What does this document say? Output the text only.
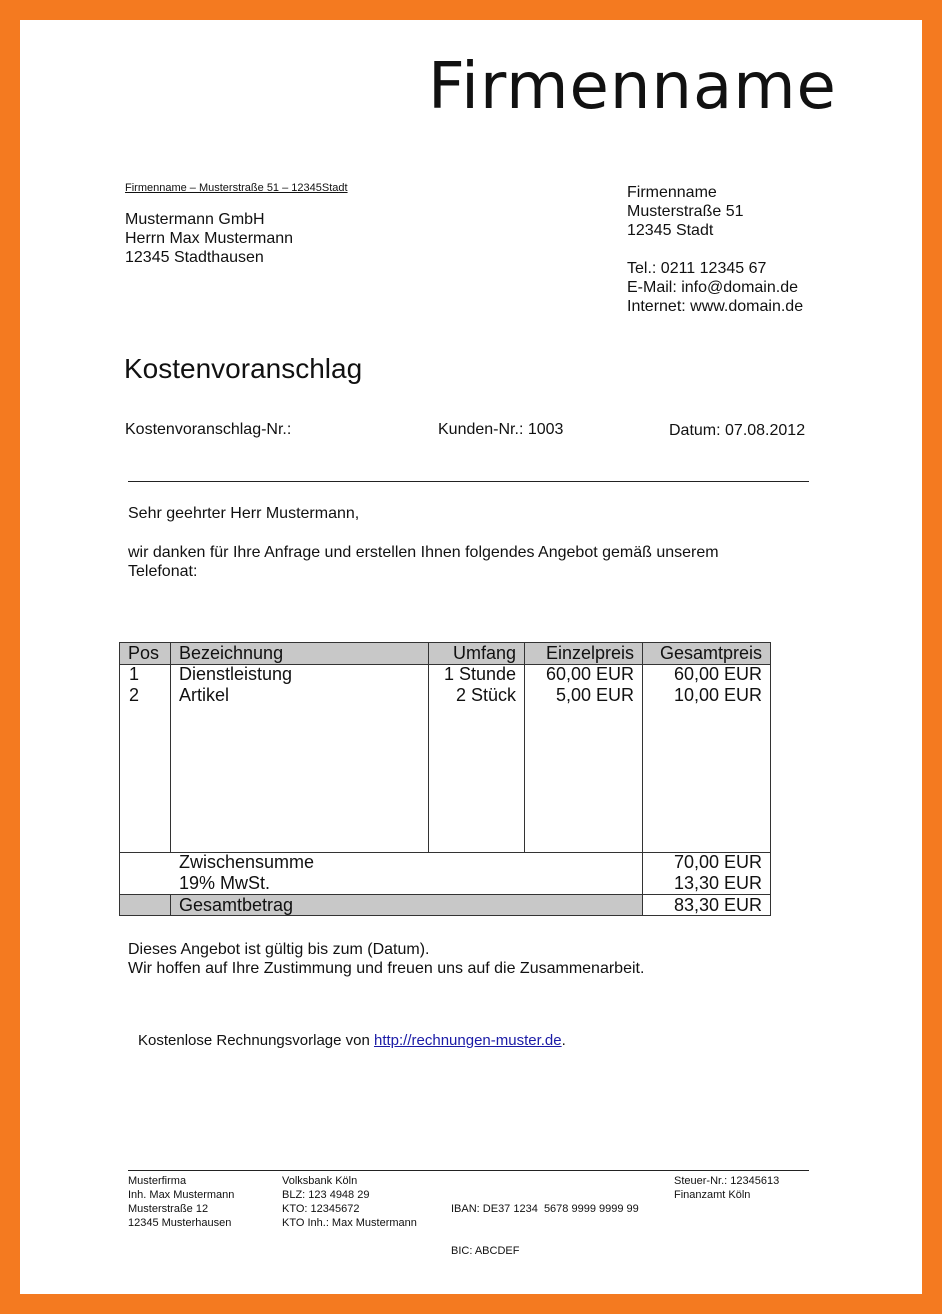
Firmenname
Firmenname – Musterstraße 51 – 12345Stadt
Mustermann GmbH
Herrn Max Mustermann
12345 Stadthausen
Firmenname
Musterstraße 51
12345 Stadt
Tel.: 0211 12345 67
E-Mail: info@domain.de
Internet: www.domain.de
Kostenvoranschlag
Kostenvoranschlag-Nr.:	Kunden-Nr.: 1003	Datum: 07.08.2012
Sehr geehrter Herr Mustermann,
wir danken für Ihre Anfrage und erstellen Ihnen folgendes Angebot gemäß unserem Telefonat:
Pos Bezeichnung	Umfang	Einzelpreis	Gesamtpreis
1 Dienstleistung	1 Stunde	60,00 EUR	60,00 EUR
2 Artikel	2 Stück	5,00 EUR	10,00 EUR
Zwischensumme	70,00 EUR
19% MwSt.	13,30 EUR
Gesamtbetrag	83,30 EUR
Dieses Angebot ist gültig bis zum (Datum).
Wir hoffen auf Ihre Zustimmung und freuen uns auf die Zusammenarbeit.
Kostenlose Rechnungsvorlage von http://rechnungen-muster.de.
Musterfirma
Inh. Max Mustermann
Musterstraße 12
12345 Musterhausen
Volksbank Köln
BLZ: 123 4948 29
KTO: 12345672
KTO Inh.: Max Mustermann

IBAN: DE37 1234  5678 9999 9999 99

BIC: ABCDEF

Steuer-Nr.: 12345613
Finanzamt Köln
